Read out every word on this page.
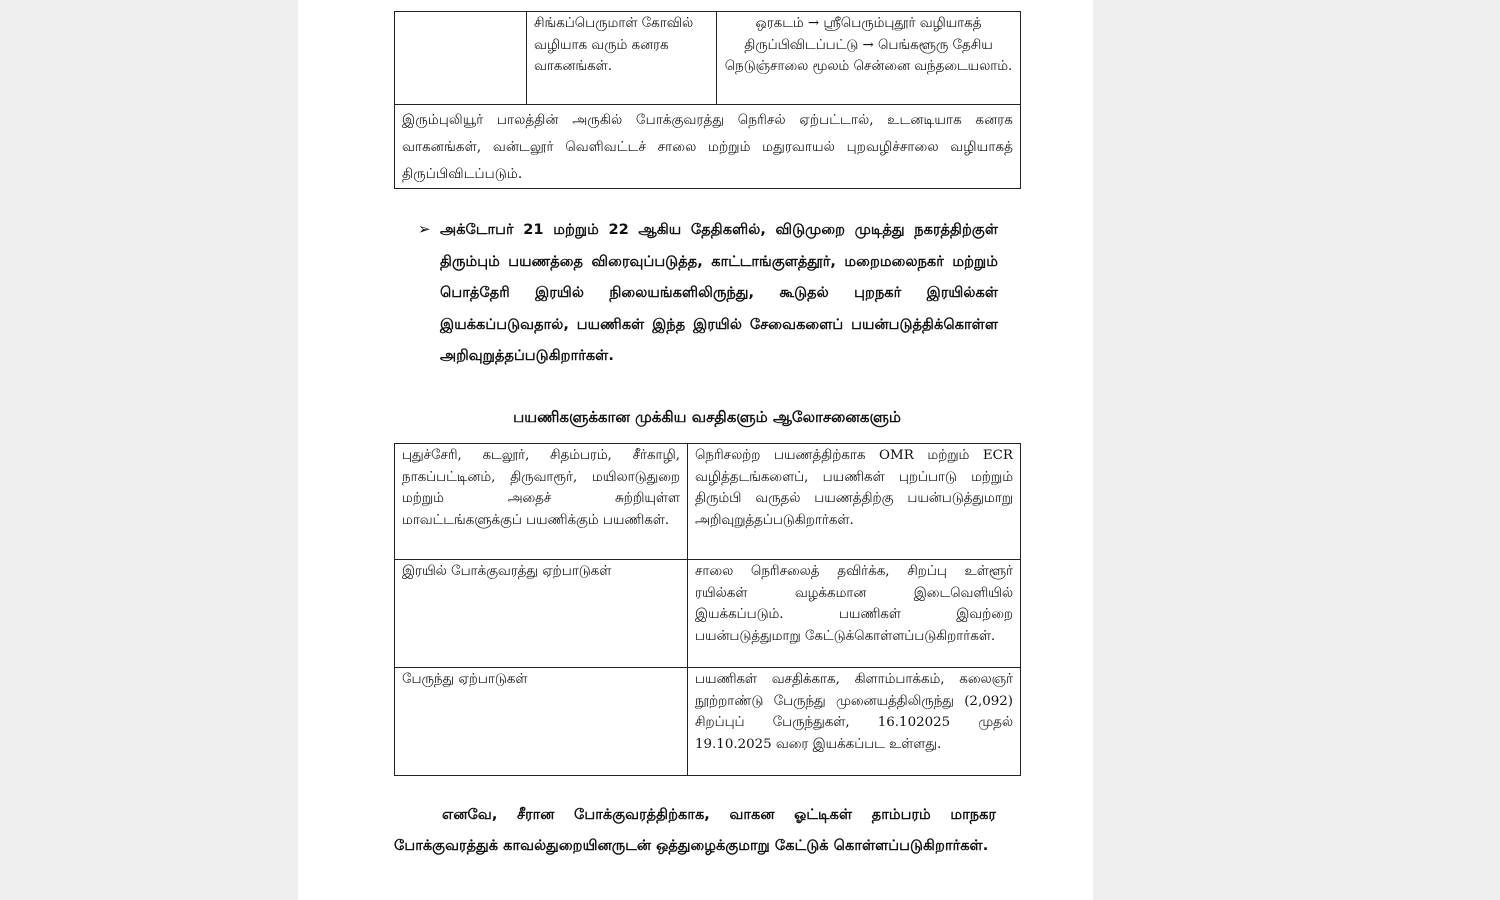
	சிங்கப்பெருமாள் கோவில் வழியாக வரும் கனரக வாகனங்கள்.	ஒரகடம் → ஸ்ரீபெரும்புதூர் வழியாகத் திருப்பிவிடப்பட்டு → பெங்களூரு தேசிய நெடுஞ்சாலை மூலம் சென்னை வந்தடையலாம்.
இரும்புலியூர் பாலத்தின் அருகில் போக்குவரத்து நெரிசல் ஏற்பட்டால், உடனடியாக கனரக வாகனங்கள், வன்டலூர் வெளிவட்டச் சாலை மற்றும் மதுரவாயல் புறவழிச்சாலை வழியாகத் திருப்பிவிடப்படும்.
➢ அக்டோபர் 21 மற்றும் 22 ஆகிய தேதிகளில், விடுமுறை முடித்து நகரத்திற்குள் திரும்பும் பயணத்தை விரைவுப்படுத்த, காட்டாங்குளத்தூர், மறைமலைநகர் மற்றும் பொத்தேரி இரயில் நிலையங்களிலிருந்து, கூடுதல் புறநகர் இரயில்கள் இயக்கப்படுவதால், பயணிகள் இந்த இரயில் சேவைகளைப் பயன்படுத்திக்கொள்ள அறிவுறுத்தப்படுகிறார்கள்.
பயணிகளுக்கான முக்கிய வசதிகளும் ஆலோசனைகளும்
புதுச்சேரி, கடலூர், சிதம்பரம், சீர்காழி, நாகப்பட்டினம், திருவாரூர், மயிலாடுதுறை மற்றும் அதைச் சுற்றியுள்ள மாவட்டங்களுக்குப் பயணிக்கும் பயணிகள்.	நெரிசலற்ற பயணத்திற்காக OMR மற்றும் ECR வழித்தடங்களைப், பயணிகள் புறப்பாடு மற்றும் திரும்பி வருதல் பயணத்திற்கு பயன்படுத்துமாறு அறிவுறுத்தப்படுகிறார்கள்.
இரயில் போக்குவரத்து ஏற்பாடுகள்	சாலை நெரிசலைத் தவிர்க்க, சிறப்பு உள்ளூர் ரயில்கள் வழக்கமான இடைவெளியில் இயக்கப்படும். பயணிகள் இவற்றை பயன்படுத்துமாறு கேட்டுக்கொள்ளப்படுகிறார்கள்.
பேருந்து ஏற்பாடுகள்	பயணிகள் வசதிக்காக, கிளாம்பாக்கம், கலைஞர் நூற்றாண்டு பேருந்து முனையத்திலிருந்து (2,092) சிறப்புப் பேருந்துகள், 16.102025 முதல் 19.10.2025 வரை இயக்கப்பட உள்ளது.
எனவே, சீரான போக்குவரத்திற்காக, வாகன ஓட்டிகள் தாம்பரம் மாநகர போக்குவரத்துக் காவல்துறையினருடன் ஒத்துழைக்குமாறு கேட்டுக் கொள்ளப்படுகிறார்கள்.
